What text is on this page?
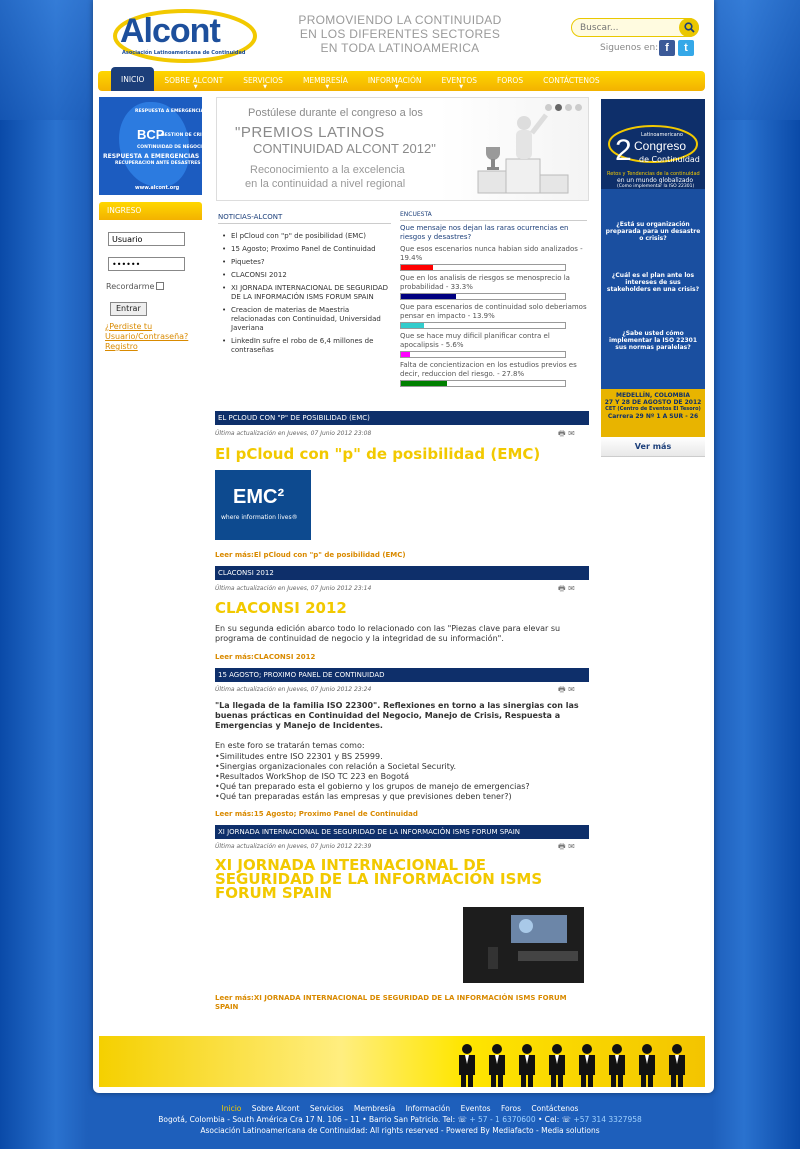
Alcont
Asociación Latinoamericana de Continuidad
PROMOVIENDO LA CONTINUIDAD
EN LOS DIFERENTES SECTORES
EN TODA LATINOAMERICA
Buscar...	Siguenos en: f	t
INICIO	SOBRE ALCONT
▼
SERVICIOS
▼
MEMBRESÍA
▼
INFORMACIÓN
▼
EVENTOS
▼
FOROS	CONTÁCTENOS
RESPUESTA A EMERGENCIAS
BCP
GESTION DE CRISIS
CONTINUIDAD DE NEGOCIO
RESPUESTA A EMERGENCIAS
RECUPERACION ANTE DESASTRES DRP
www.alcont.org
INGRESO
Usuario
••••••
Recordarme
Entrar
¿Perdiste tu Usuario/Contraseña?
Registro
Postúlese durante el congreso a los
"PREMIOS LATINOS
CONTINUIDAD ALCONT 2012"
Reconocimiento a la excelencia
en la continuidad a nivel regional
NOTICIAS-ALCONT
• El pCloud con "p" de posibilidad (EMC)
• 15 Agosto; Proximo Panel de Continuidad
• Piquetes?
• CLACONSI 2012
• XI JORNADA INTERNACIONAL DE SEGURIDAD DE LA INFORMACIÓN ISMS FORUM SPAIN
• Creacion de materias de Maestria relacionadas con Continuidad, Universidad Javeriana
• LinkedIn sufre el robo de 6,4 millones de contraseñas
ENCUESTA
Que mensaje nos dejan las raras ocurrencias en riesgos y desastres?
Que esos escenarios nunca habian sido analizados - 19.4%
Que en los analisis de riesgos se menosprecio la probabilidad - 33.3%
Que para escenarios de continuidad solo deberiamos pensar en impacto - 13.9%
Que se hace muy dificil planificar contra el apocalipsis - 5.6%
Falta de concientizacion en los estudios previos es decir, reduccion del riesgo. - 27.8%
2 Congreso
Latinoamericano
de Continuidad
Retos y Tendencias de la continuidad
en un mundo globalizado
(Como implementar la ISO 22301)
¿Está su organización preparada para un desastre o crisis?
¿Cuál es el plan ante los intereses de sus stakeholders en una crisis?
¿Sabe usted cómo implementar la ISO 22301 sus normas paralelas?
MEDELLÍN, COLOMBIA
27 Y 28 DE AGOSTO DE 2012
CET (Centro de Eventos El Tesoro)
Carrera 29 Nº 1 A SUR - 26
Ver más
EL PCLOUD CON "P" DE POSIBILIDAD (EMC)
Última actualización en Jueves, 07 Junio 2012 23:08	🖶 ✉
El pCloud con "p" de posibilidad (EMC)
EMC²
where information lives®
Leer más:El pCloud con "p" de posibilidad (EMC)
CLACONSI 2012
Última actualización en Jueves, 07 Junio 2012 23:14	🖶 ✉
CLACONSI 2012
En su segunda edición abarco todo lo relacionado con las "Piezas clave para elevar su programa de continuidad de negocio y la integridad de su información".
Leer más:CLACONSI 2012
15 AGOSTO; PROXIMO PANEL DE CONTINUIDAD
Última actualización en Jueves, 07 Junio 2012 23:24	🖶 ✉
"La llegada de la familia ISO 22300". Reflexiones en torno a las sinergias con las buenas prácticas en Continuidad del Negocio, Manejo de Crisis, Respuesta a Emergencias y Manejo de Incidentes.
En este foro se tratarán temas como:
•Similitudes entre ISO 22301 y BS 25999.
•Sinergias organizacionales con relación a Societal Security.
•Resultados WorkShop de ISO TC 223 en Bogotá
•Qué tan preparado esta el gobierno y los grupos de manejo de emergencias?
•Qué tan preparadas están las empresas y que previsiones deben tener?)
Leer más:15 Agosto; Proximo Panel de Continuidad
XI JORNADA INTERNACIONAL DE SEGURIDAD DE LA INFORMACIÓN ISMS FORUM SPAIN
Última actualización en Jueves, 07 Junio 2012 22:39	🖶 ✉
XI JORNADA INTERNACIONAL DE
SEGURIDAD DE LA INFORMACIÓN ISMS
FORUM SPAIN
Leer más:XI JORNADA INTERNACIONAL DE SEGURIDAD DE LA INFORMACIÓN ISMS FORUM
SPAIN
Inicio Sobre Alcont Servicios Membresía Información Eventos Foros Contáctenos
Bogotá, Colombia - South América Cra 17 N. 106 – 11 • Barrio San Patricio. Tel: ☏ + 57 - 1 6370600 • Cel: ☏ +57 314 3327958
Asociación Latinoamericana de Continuidad: All rights reserved - Powered By Mediafacto - Media solutions
